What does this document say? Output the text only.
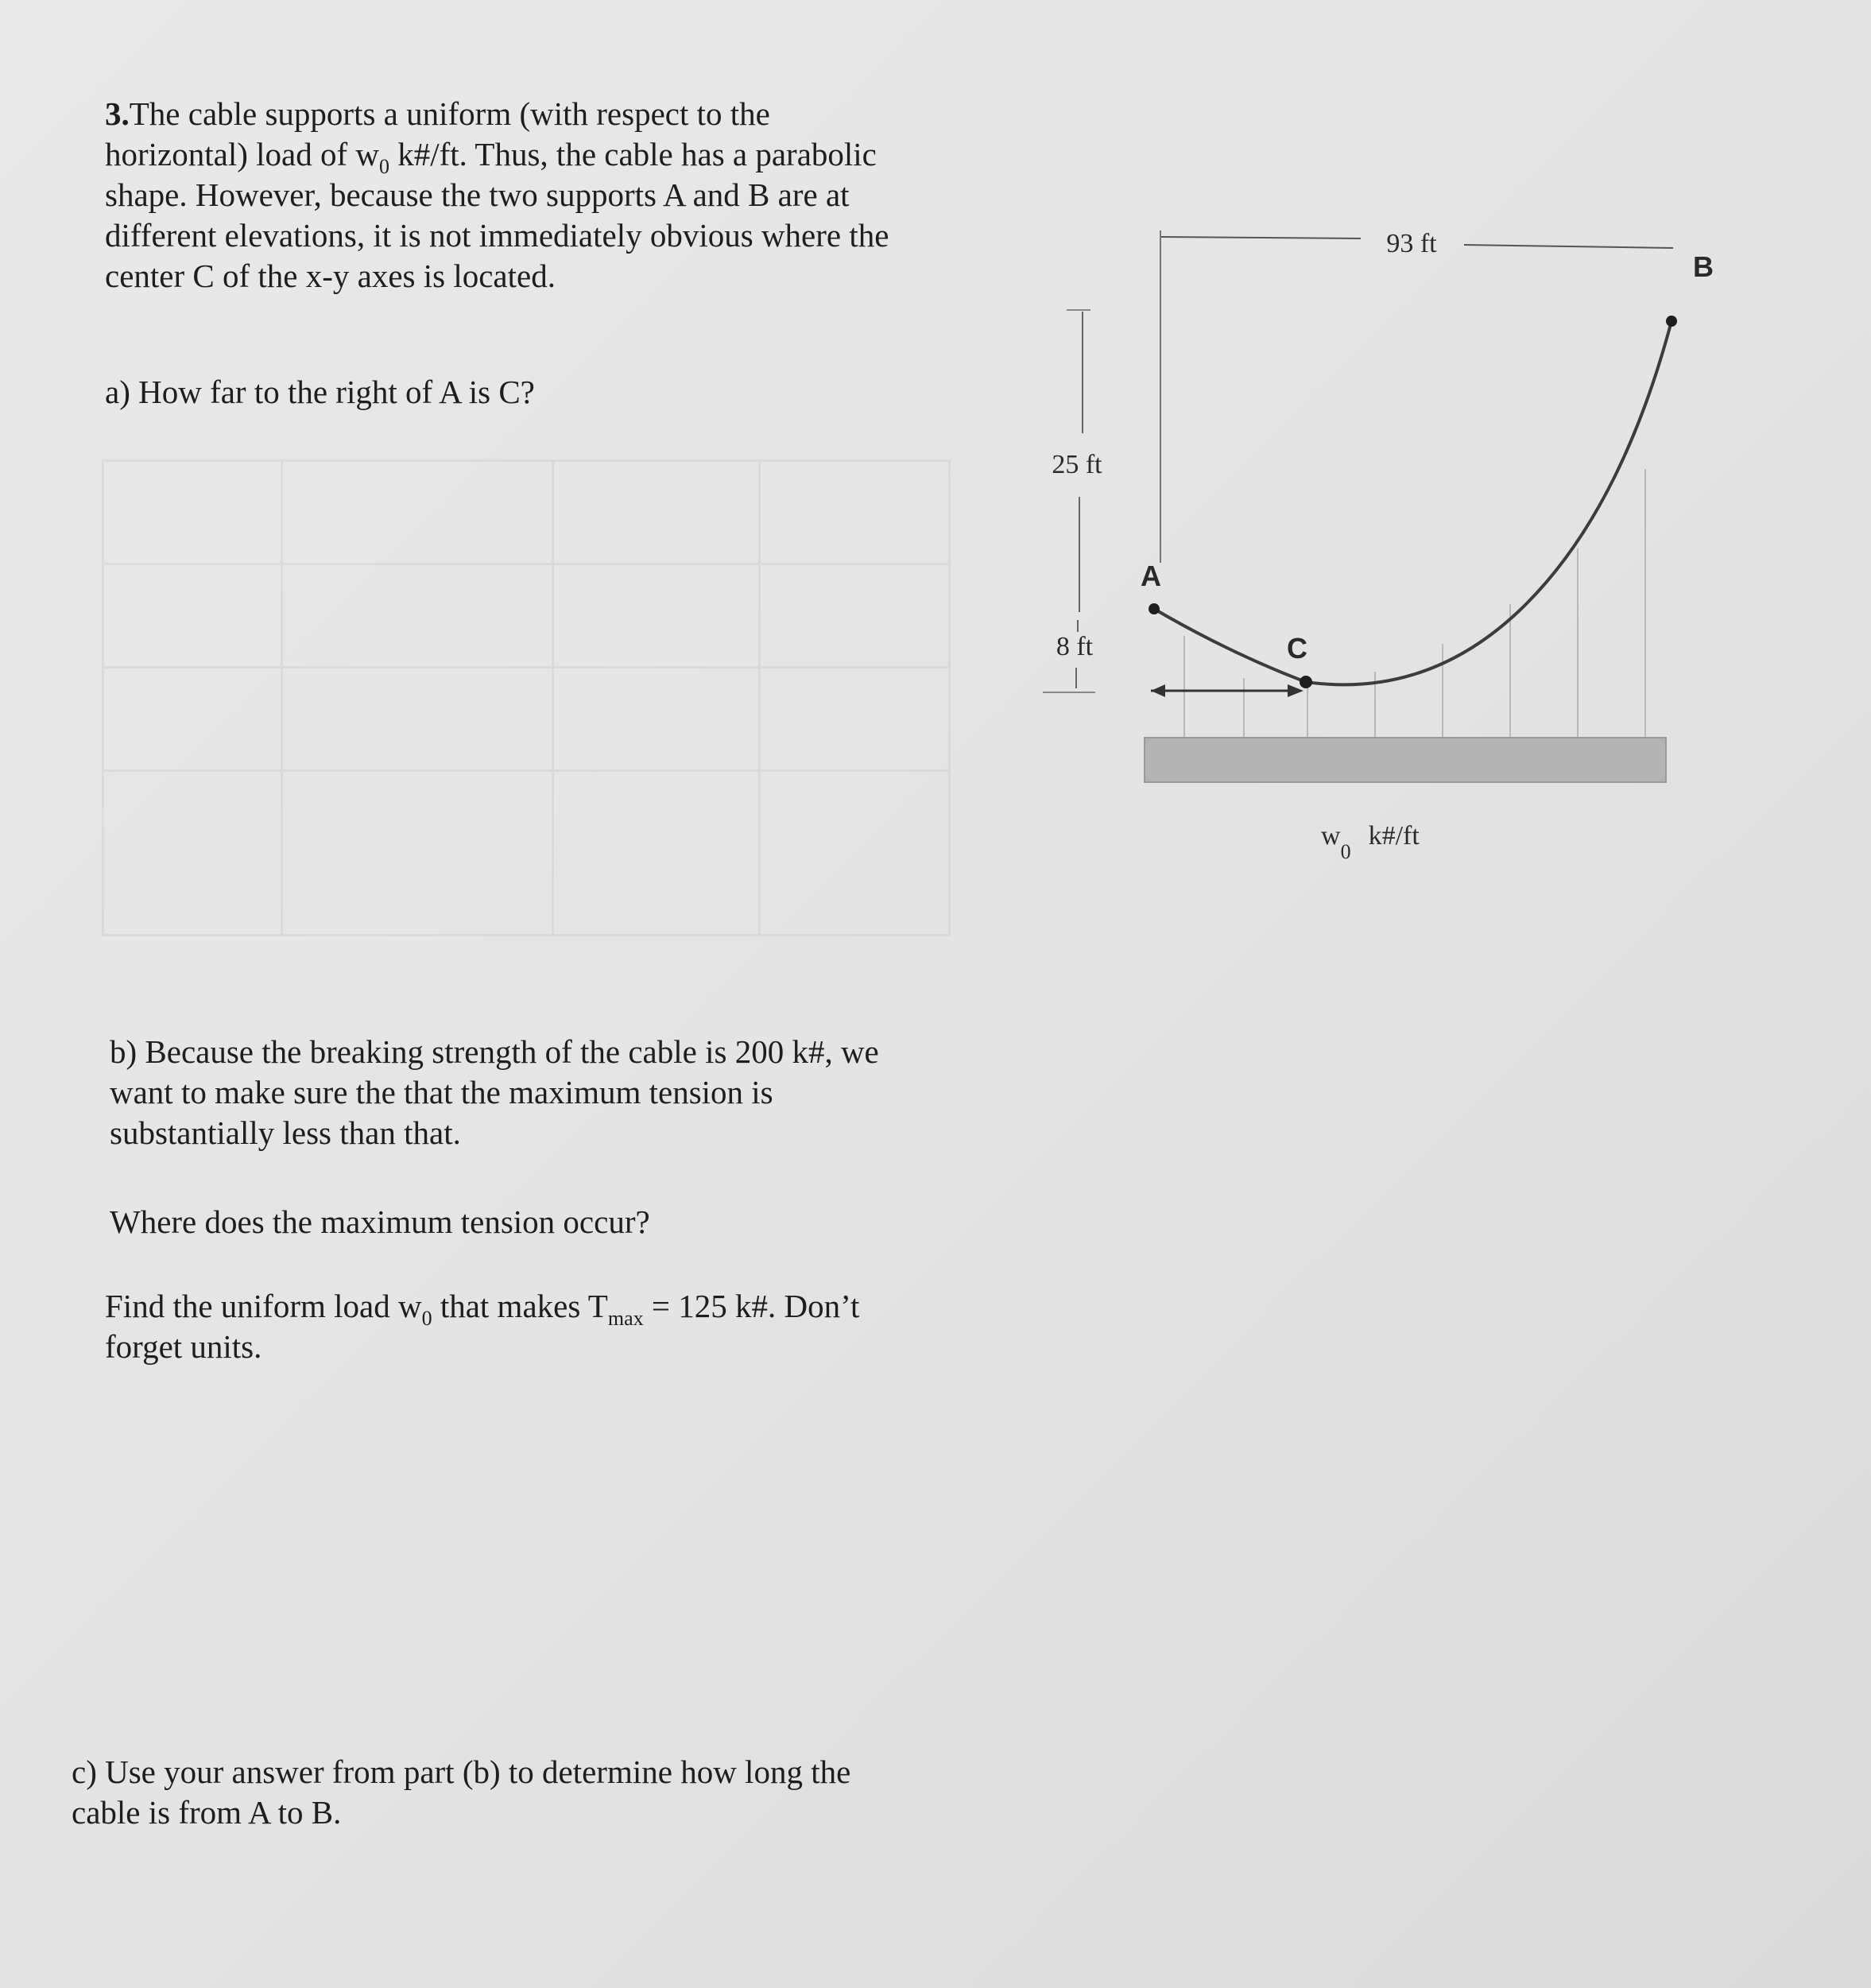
3.The cable supports a uniform (with respect to the
horizontal) load of $w_0$ k#/ft. Thus, the cable has a parabolic
shape. However, because the two supports A and B are at
different elevations, it is not immediately obvious where the
center C of the x-y axes is located.
a) How far to the right of A is C?
b) Because the breaking strength of the cable is 200 k#, we
want to make sure the that the maximum tension is
substantially less than that.
Where does the maximum tension occur?
Find the uniform load $w_0$ that makes $T_{max} = 125$ k#. Don’t
forget units.
c) Use your answer from part (b) to determine how long the
cable is from A to B.
93 ft
25 ft
8 ft
A
C
B
$w_0k\#/ft$
